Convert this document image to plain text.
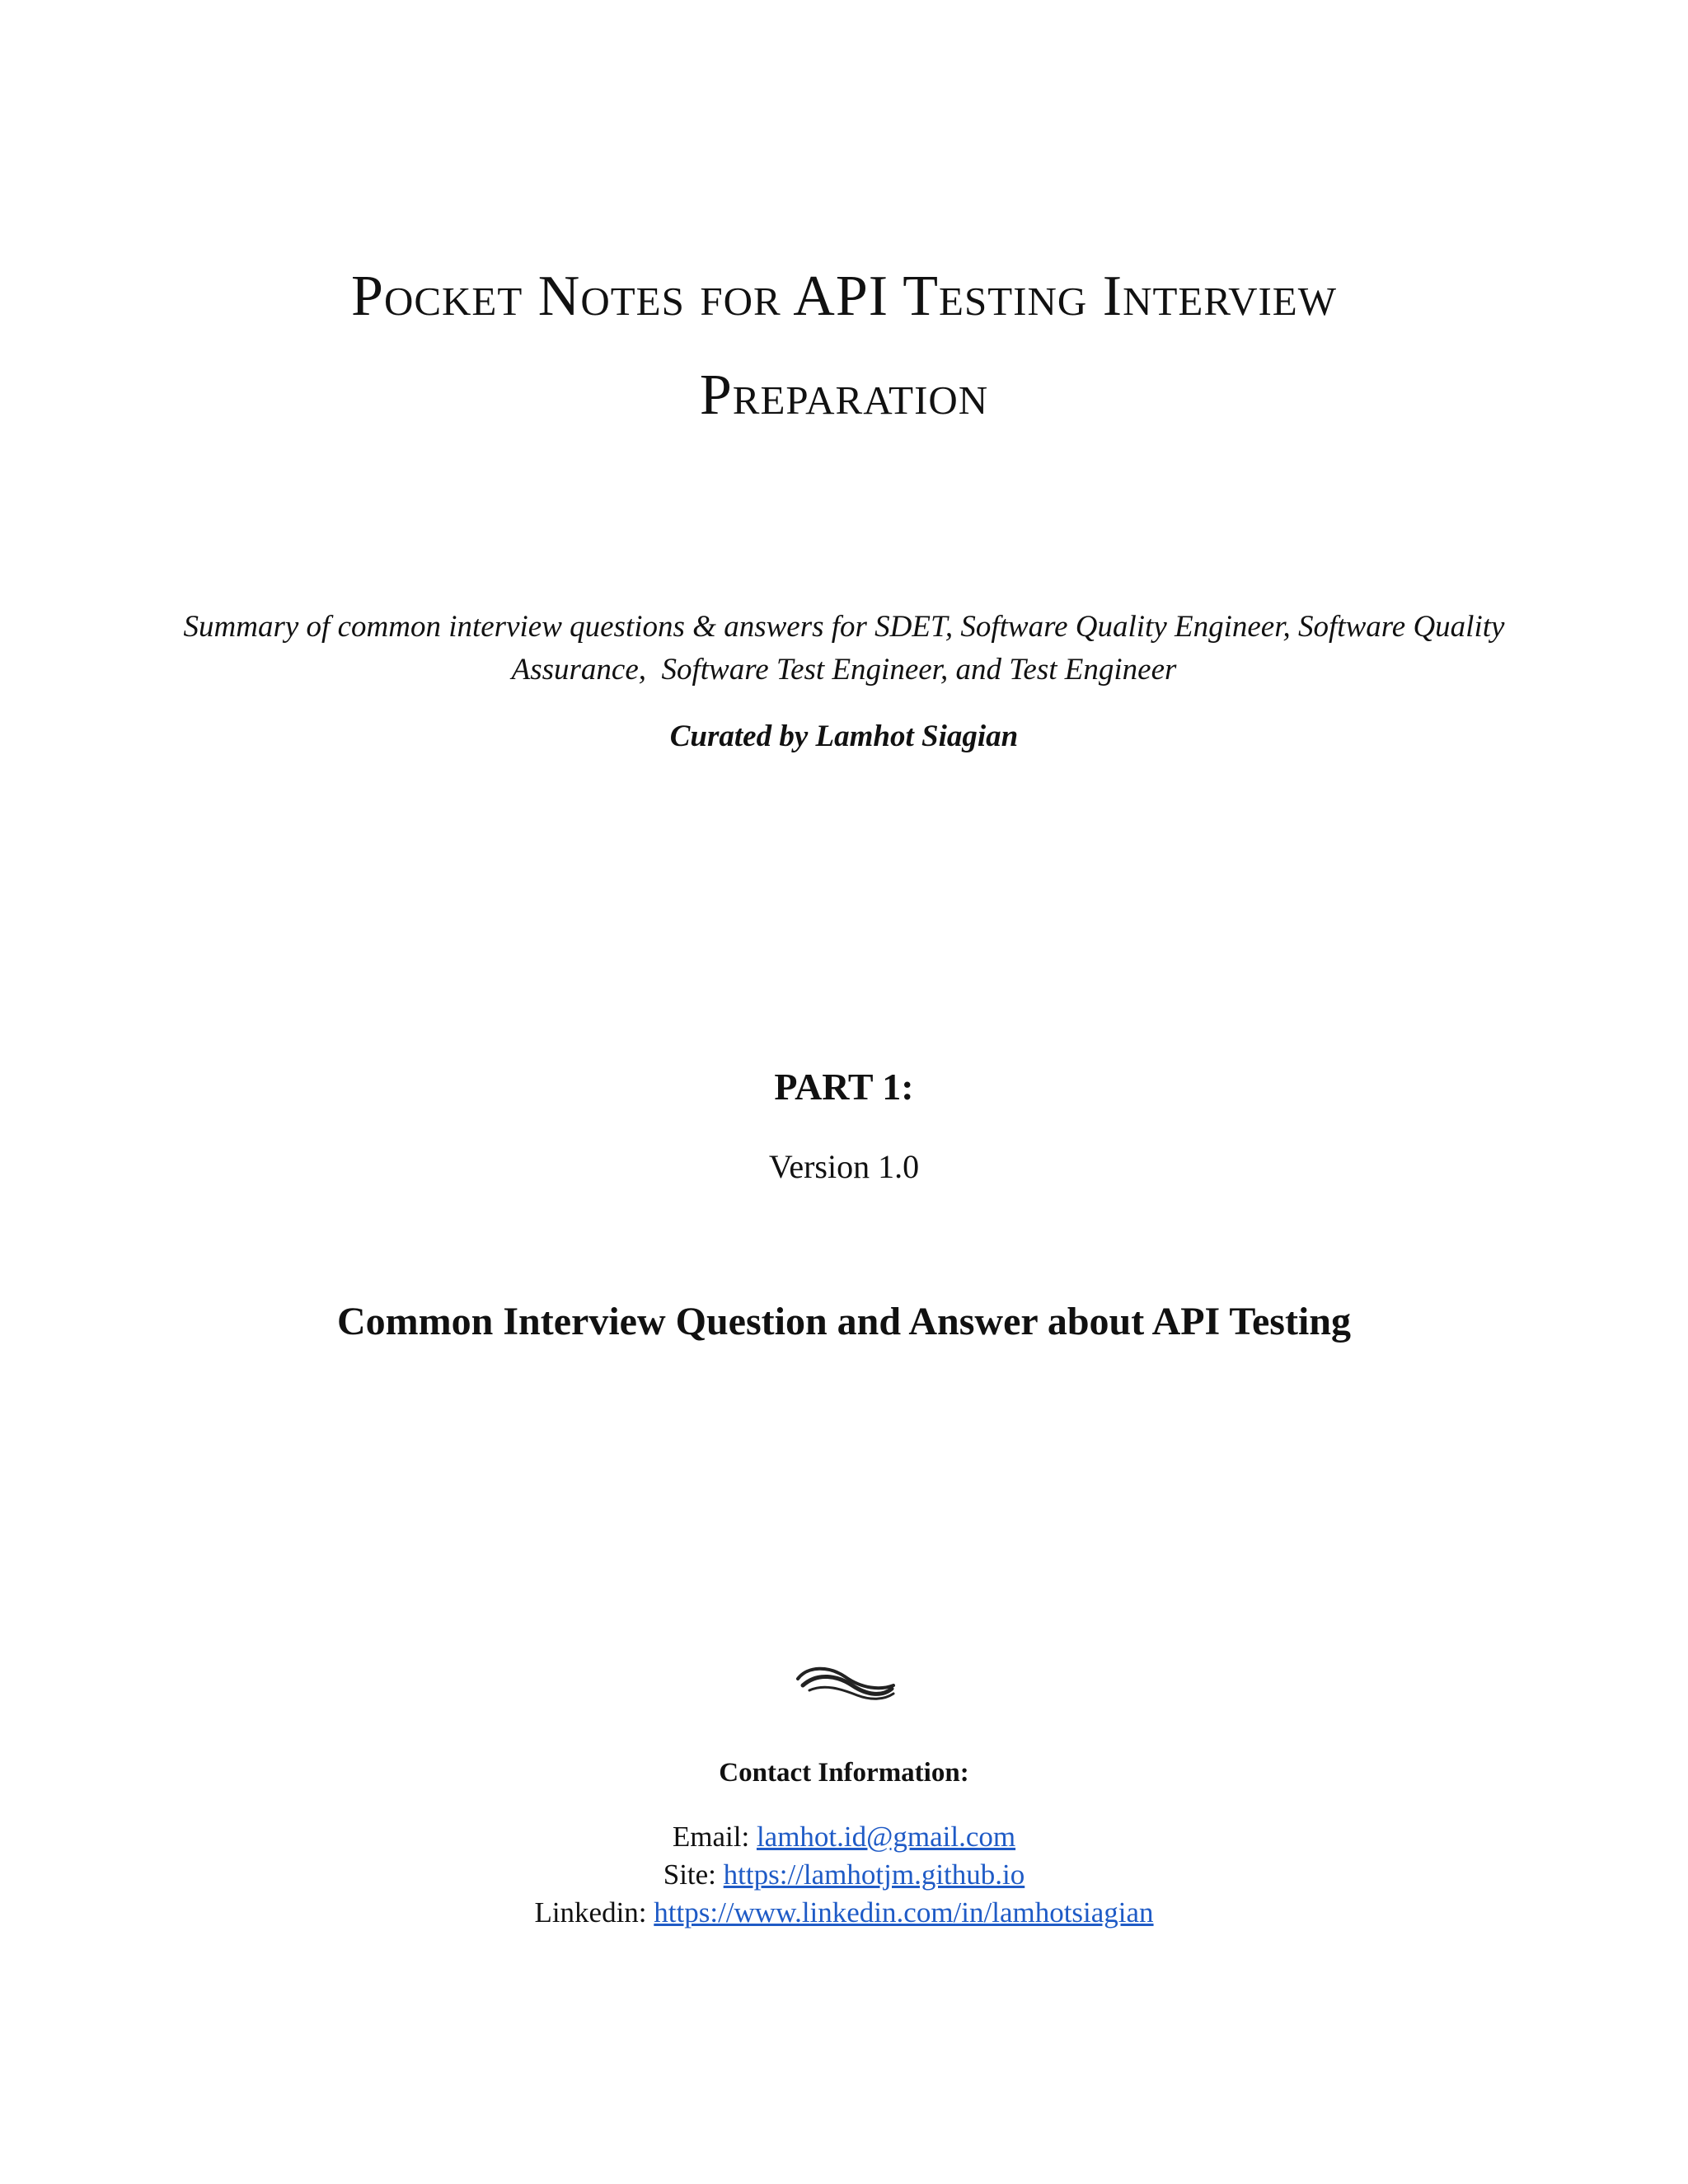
Pocket Notes for API Testing Interview
Preparation
Summary of common interview questions & answers for SDET, Software Quality Engineer, Software Quality
Assurance,  Software Test Engineer, and Test Engineer
Curated by Lamhot Siagian
PART 1:
Version 1.0
Common Interview Question and Answer about API Testing
Contact Information:
Email: lamhot.id@gmail.com
Site: https://lamhotjm.github.io
Linkedin: https://www.linkedin.com/in/lamhotsiagian
